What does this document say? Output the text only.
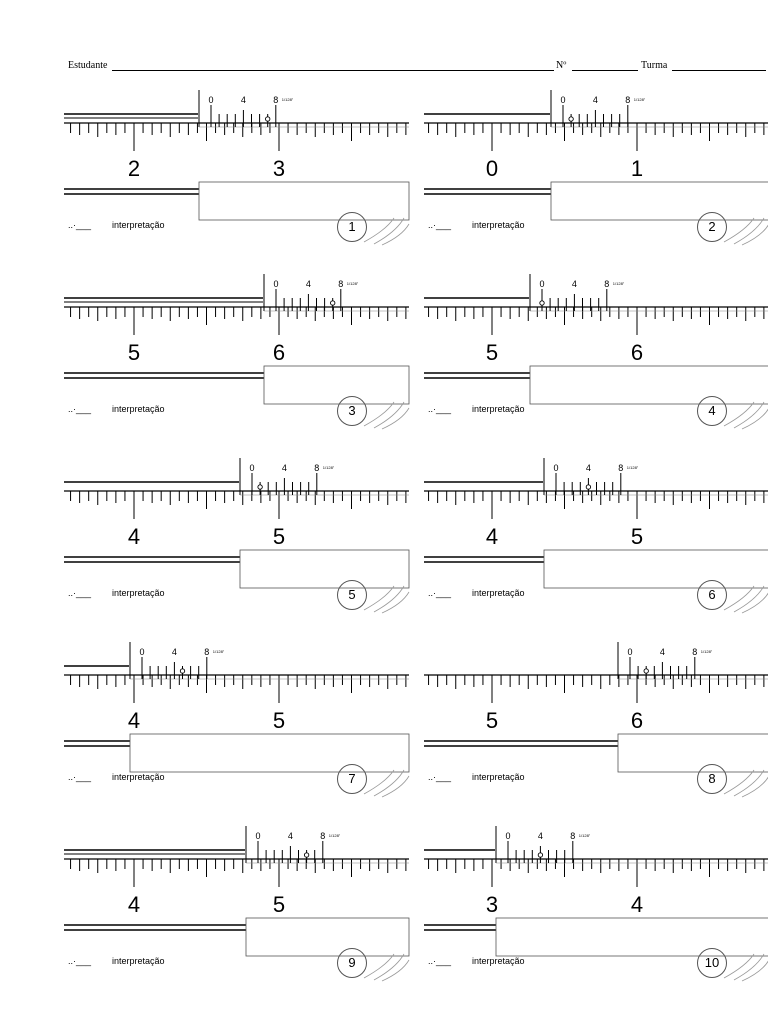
Estudante	Nº	Turma
2	3
0	4	8 1/128"
..·___ interpretação	1
0	1
0	4	8 1/128"
..·___ interpretação	2
5	6
0	4	8 1/128"
..·___ interpretação	3
5	6
0	4	8 1/128"
..·___ interpretação	4
4	5
0	4	8 1/128"
..·___ interpretação	5
4	5
0	4	8 1/128"
..·___ interpretação	6
4	5
0	4	8 1/128"
..·___ interpretação	7
5	6
0	4	8 1/128"
..·___ interpretação	8
4	5
0	4	8 1/128"
..·___ interpretação	9
3	4
0	4	8 1/128"
..·___ interpretação	10
